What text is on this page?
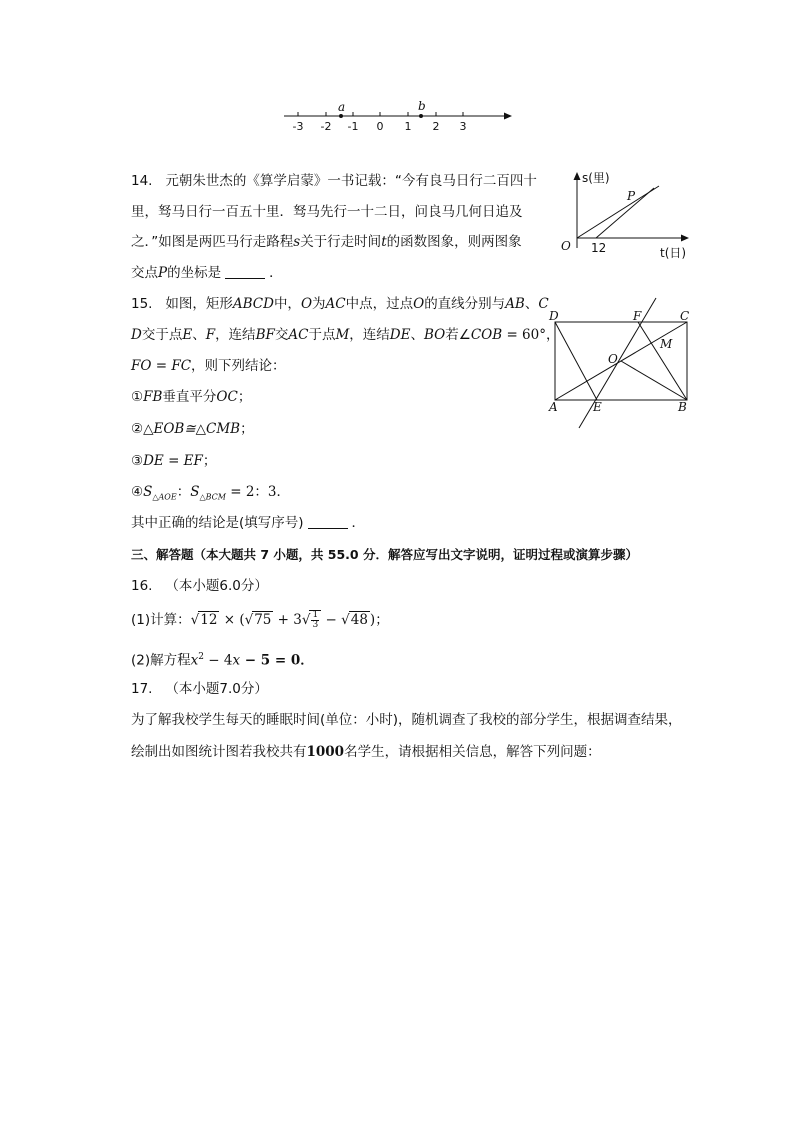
a	b
-3 -2 -1 0 1 2 3
14. 元朝朱世杰的《算学启蒙》一书记载：“今有良马日行二百四十
里，驽马日行一百五十里．驽马先行一十二日，问良马几何日追及
之．”如图是两匹马行走路程s关于行走时间t的函数图象，则两图象
交点P的坐标是	．
s(里)
O
P
12	t(日)
15. 如图，矩形ABCD中，O为AC中点，过点O的直线分别与AB、C
D交于点E、F，连结BF交AC于点M，连结DE、BO若∠COB = 60°，
FO = FC，则下列结论：
①FB垂直平分OC；
②△EOB≅△CMB；
③DE = EF；
$④S_{\triangle AOE}$：$S_{\triangle BCM} = 2$：3．
其中正确的结论是(填写序号)	．
D	F	C
M
O
A	E	B
三、解答题（本大题共 7 小题，共 55.0 分．解答应写出文字说明，证明过程或演算步骤）
16. （本小题6.0分）
(1)计算：$√12 \times (√75 + 3√ \frac{1}{3} - √48$ )；
(2)解方程$x^2 - 4x - 5 = 0$．
17. （本小题7.0分）
为了解我校学生每天的睡眠时间(单位：小时)，随机调查了我校的部分学生，根据调查结果，
绘制出如图统计图若我校共有1000名学生，请根据相关信息，解答下列问题：
